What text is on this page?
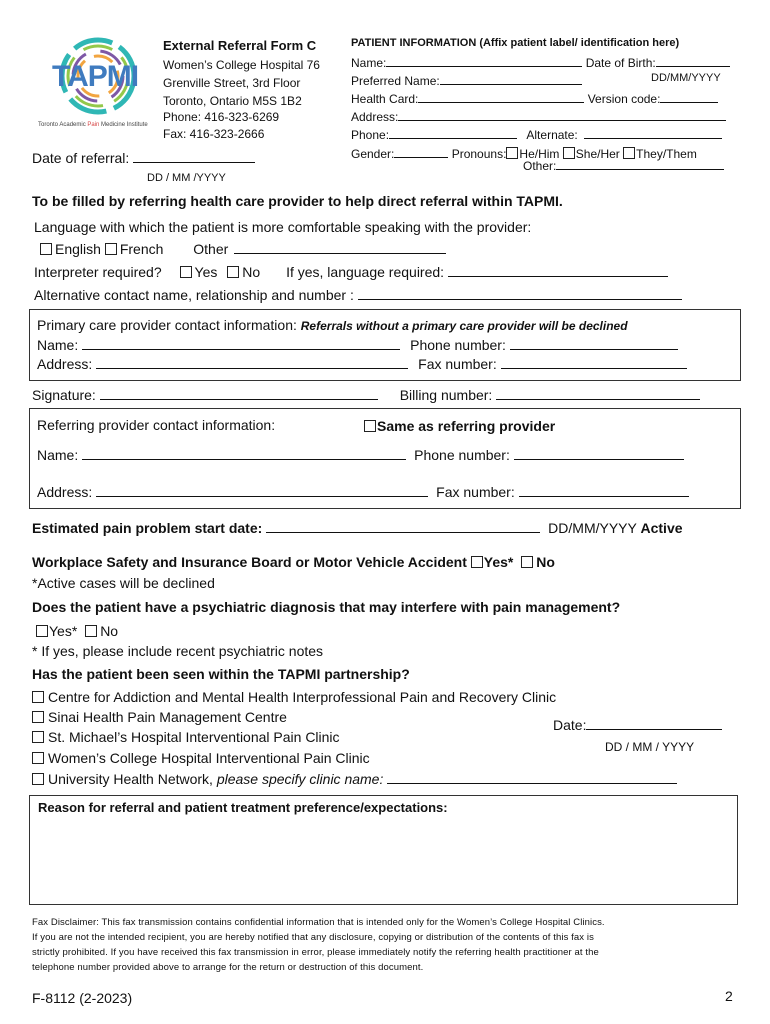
TAPMI
Toronto Academic Pain Medicine Institute
External Referral Form C
Women’s College Hospital 76
Grenville Street, 3rd Floor
Toronto, Ontario M5S 1B2
Phone: 416-323-6269
Fax: 416-323-2666
Date of referral:
DD / MM /YYYY
PATIENT INFORMATION (Affix patient label/ identification here)
Name:	Date of Birth:
Preferred Name:	DD/MM/YYYY
Health Card:	Version code:
Address:
Phone:	Alternate:
Gender:	Pronouns: He/Him She/Her They/Them
Other:
To be filled by referring health care provider to help direct referral within TAPMI.
Language with which the patient is more comfortable speaking with the provider:
English French Other
Interpreter required? Yes No If yes, language required:
Alternative contact name, relationship and number :
Primary care provider contact information: Referrals without a primary care provider will be declined
Name:	Phone number:
Address:	Fax number:
Signature:	Billing number:
Referring provider contact information:	Same as referring provider
Name:	Phone number:
Address:	Fax number:
Estimated pain problem start date:	DD/MM/YYYY Active
Workplace Safety and Insurance Board or Motor Vehicle Accident Yes* No
*Active cases will be declined
Does the patient have a psychiatric diagnosis that may interfere with pain management?
Yes* No
* If yes, please include recent psychiatric notes
Has the patient been seen within the TAPMI partnership?
Centre for Addiction and Mental Health Interprofessional Pain and Recovery Clinic
Sinai Health Pain Management Centre
St. Michael’s Hospital Interventional Pain Clinic
Women’s College Hospital Interventional Pain Clinic
University Health Network, please specify clinic name:
Date:
DD / MM / YYYY
Reason for referral and patient treatment preference/expectations:
Fax Disclaimer: This fax transmission contains confidential information that is intended only for the Women’s College Hospital Clinics.
If you are not the intended recipient, you are hereby notified that any disclosure, copying or distribution of the contents of this fax is
strictly prohibited. If you have received this fax transmission in error, please immediately notify the referring health practitioner at the
telephone number provided above to arrange for the return or destruction of this document.
F-8112 (2-2023)	2
